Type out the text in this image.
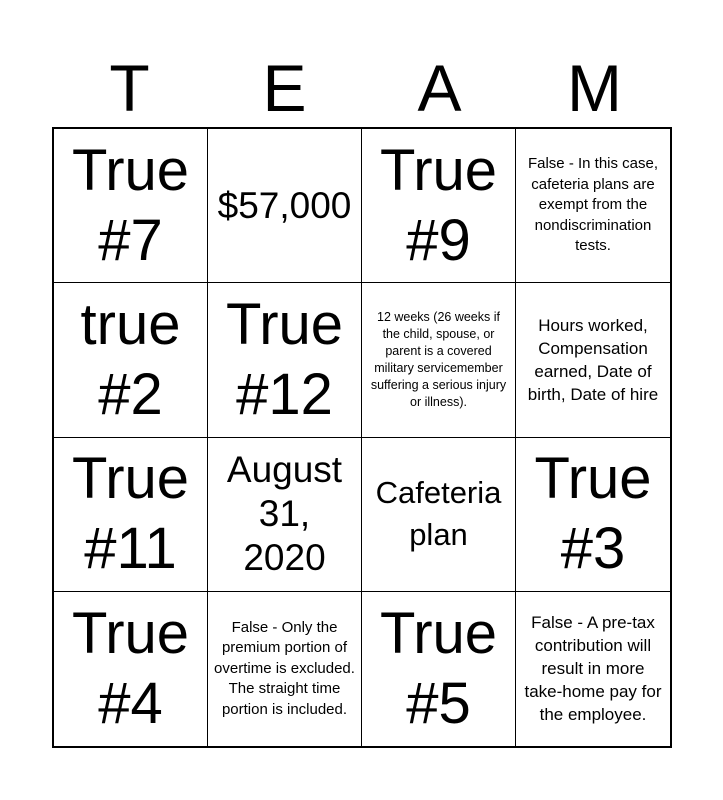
T	E	A	M
True
#7
$57,000
True
#9
False - In this case, cafeteria plans are exempt from the nondiscrimination tests.
true
#2
True
#12
12 weeks (26 weeks if the child, spouse, or parent is a covered military servicemember suffering a serious injury or illness).
Hours worked, Compensation earned, Date of birth, Date of hire
True
#11
August 31, 2020
Cafeteria plan
True
#3
True
#4
False - Only the premium portion of overtime is excluded. The straight time portion is included.
True
#5
False - A pre-tax contribution will result in more take-home pay for the employee.
